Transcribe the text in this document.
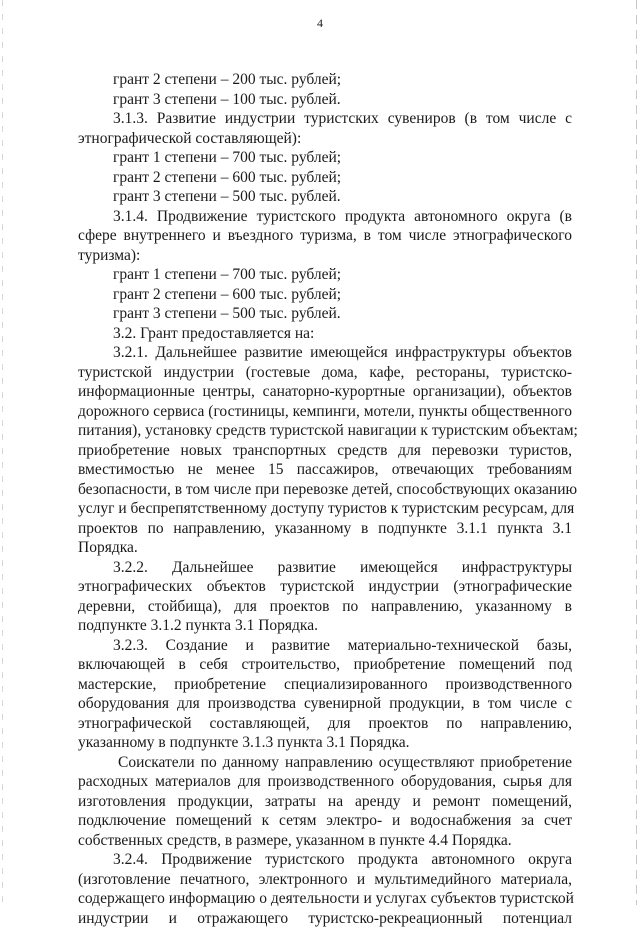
4
грант 2 степени – 200 тыс. рублей;
грант 3 степени – 100 тыс. рублей.
3.1.3. Развитие индустрии туристских сувениров (в том числе с
этнографической составляющей):
грант 1 степени – 700 тыс. рублей;
грант 2 степени – 600 тыс. рублей;
грант 3 степени – 500 тыс. рублей.
3.1.4. Продвижение туристского продукта автономного округа (в
сфере внутреннего и въездного туризма, в том числе этнографического
туризма):
грант 1 степени – 700 тыс. рублей;
грант 2 степени – 600 тыс. рублей;
грант 3 степени – 500 тыс. рублей.
3.2. Грант предоставляется на:
3.2.1. Дальнейшее развитие имеющейся инфраструктуры объектов
туристской индустрии (гостевые дома, кафе, рестораны, туристско-
информационные центры, санаторно-курортные организации), объектов
дорожного сервиса (гостиницы, кемпинги, мотели, пункты общественного
питания), установку средств туристской навигации к туристским объектам;
приобретение новых транспортных средств для перевозки туристов,
вместимостью не менее 15 пассажиров, отвечающих требованиям
безопасности, в том числе при перевозке детей, способствующих оказанию
услуг и беспрепятственному доступу туристов к туристским ресурсам, для
проектов по направлению, указанному в подпункте 3.1.1 пункта 3.1
Порядка.
3.2.2. Дальнейшее развитие имеющейся инфраструктуры
этнографических объектов туристской индустрии (этнографические
деревни, стойбища), для проектов по направлению, указанному в
подпункте 3.1.2 пункта 3.1 Порядка.
3.2.3. Создание и развитие материально-технической базы,
включающей в себя строительство, приобретение помещений под
мастерские, приобретение специализированного производственного
оборудования для производства сувенирной продукции, в том числе с
этнографической составляющей, для проектов по направлению,
указанному в подпункте 3.1.3 пункта 3.1 Порядка.
Соискатели по данному направлению осуществляют приобретение
расходных материалов для производственного оборудования, сырья для
изготовления продукции, затраты на аренду и ремонт помещений,
подключение помещений к сетям электро- и водоснабжения за счет
собственных средств, в размере, указанном в пункте 4.4 Порядка.
3.2.4. Продвижение туристского продукта автономного округа
(изготовление печатного, электронного и мультимедийного материала,
содержащего информацию о деятельности и услугах субъектов туристской
индустрии и отражающего туристско-рекреационный потенциал
